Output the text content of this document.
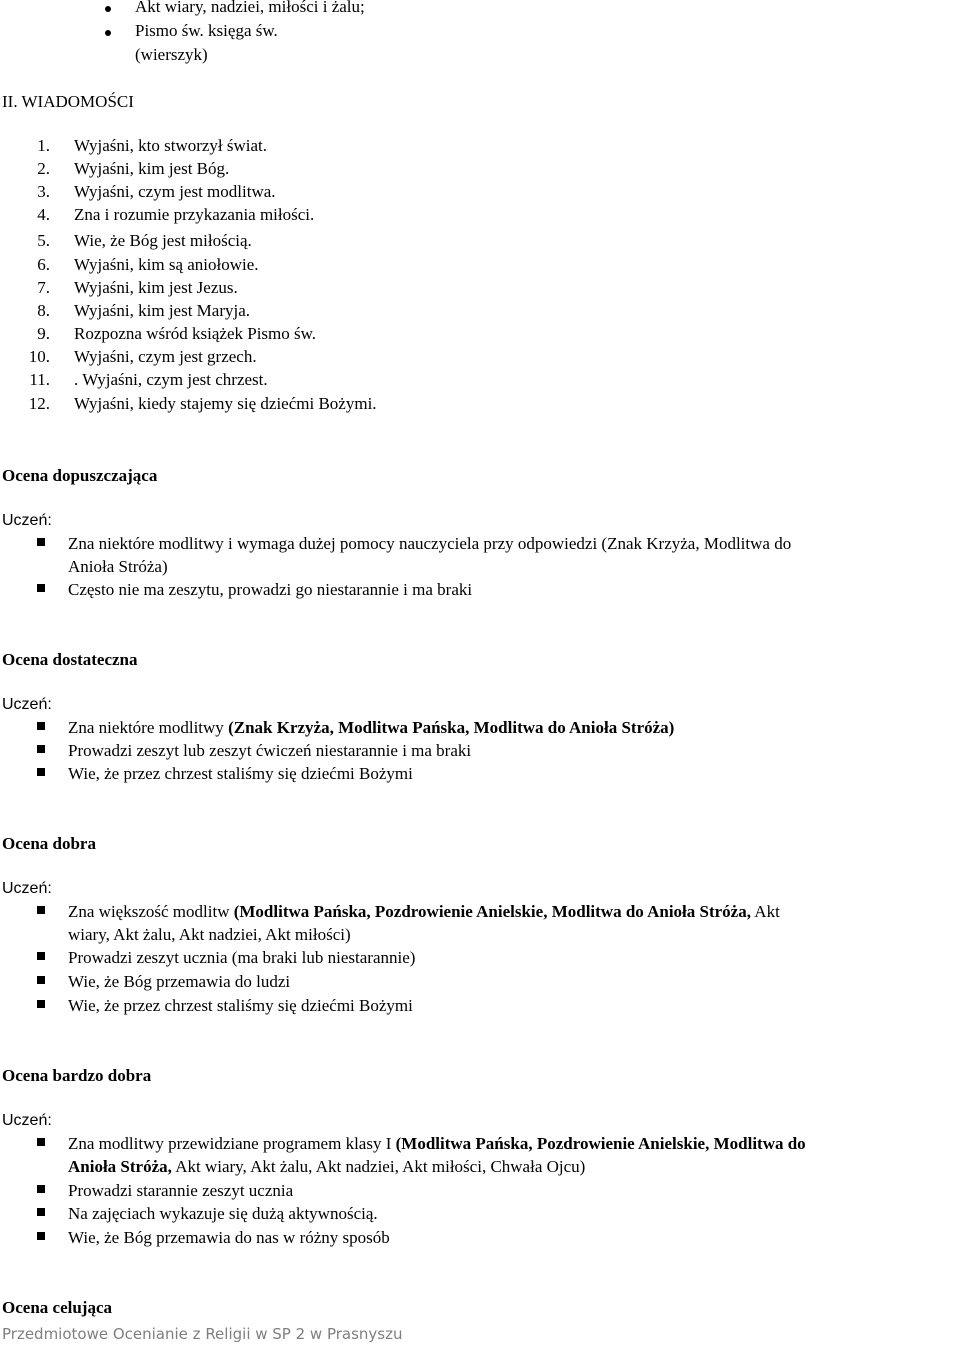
Akt wiary, nadziei, miłości i żalu;
Pismo św. księga św.
(wierszyk)
II. WIADOMOŚCI
1. Wyjaśni, kto stworzył świat.
2. Wyjaśni, kim jest Bóg.
3. Wyjaśni, czym jest modlitwa.
4. Zna i rozumie przykazania miłości.
5. Wie, że Bóg jest miłością.
6. Wyjaśni, kim są aniołowie.
7. Wyjaśni, kim jest Jezus.
8. Wyjaśni, kim jest Maryja.
9. Rozpozna wśród książek Pismo św.
10. Wyjaśni, czym jest grzech.
11. . Wyjaśni, czym jest chrzest.
12. Wyjaśni, kiedy stajemy się dziećmi Bożymi.
Ocena dopuszczająca
Uczeń:
Zna niektóre modlitwy i wymaga dużej pomocy nauczyciela przy odpowiedzi (Znak Krzyża, Modlitwa do
Anioła Stróża)
Często nie ma zeszytu, prowadzi go niestarannie i ma braki
Ocena dostateczna
Uczeń:
Zna niektóre modlitwy (Znak Krzyża, Modlitwa Pańska, Modlitwa do Anioła Stróża)
Prowadzi zeszyt lub zeszyt ćwiczeń niestarannie i ma braki
Wie, że przez chrzest staliśmy się dziećmi Bożymi
Ocena dobra
Uczeń:
Zna większość modlitw (Modlitwa Pańska, Pozdrowienie Anielskie, Modlitwa do Anioła Stróża, Akt
wiary, Akt żalu, Akt nadziei, Akt miłości)
Prowadzi zeszyt ucznia (ma braki lub niestarannie)
Wie, że Bóg przemawia do ludzi
Wie, że przez chrzest staliśmy się dziećmi Bożymi
Ocena bardzo dobra
Uczeń:
Zna modlitwy przewidziane programem klasy I (Modlitwa Pańska, Pozdrowienie Anielskie, Modlitwa do
Anioła Stróża, Akt wiary, Akt żalu, Akt nadziei, Akt miłości, Chwała Ojcu)
Prowadzi starannie zeszyt ucznia
Na zajęciach wykazuje się dużą aktywnością.
Wie, że Bóg przemawia do nas w różny sposób
Ocena celująca
Przedmiotowe Ocenianie z Religii w SP 2 w Prasnyszu
